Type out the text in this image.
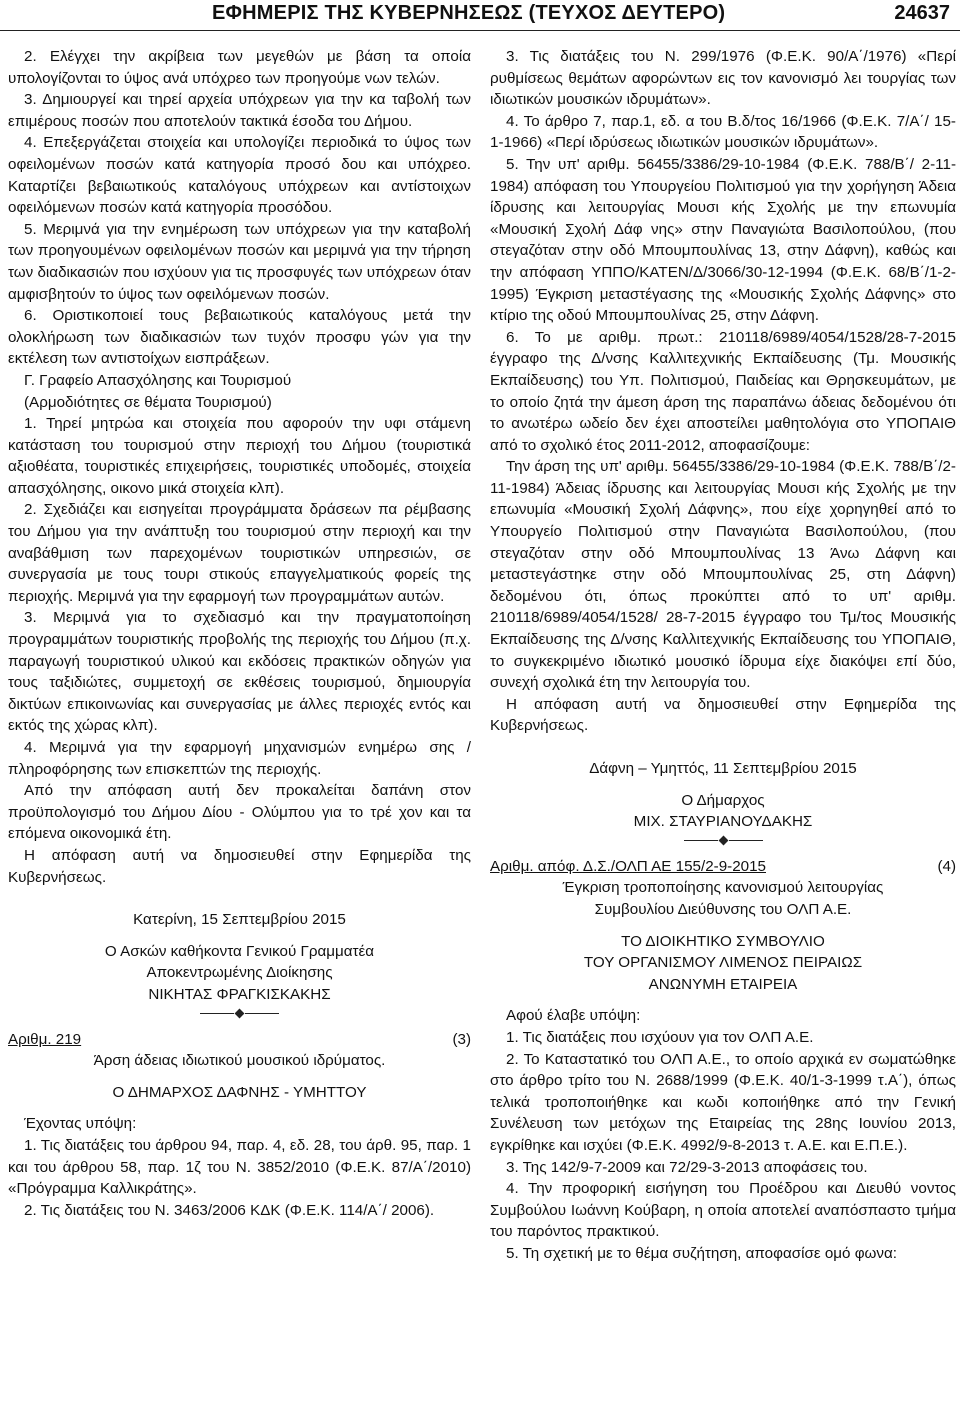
ΕΦΗΜΕΡΙΣ ΤΗΣ ΚΥΒΕΡΝΗΣΕΩΣ (ΤΕΥΧΟΣ ΔΕΥΤΕΡΟ)	24637

2. Ελέγχει την ακρίβεια των μεγεθών με βάση τα οποία υπολογίζονται το ύψος ανά υπόχρεο των προηγούμε νων τελών.

3. Δημιουργεί και τηρεί αρχεία υπόχρεων για την κα ταβολή των επιμέρους ποσών που αποτελούν τακτικά έσοδα του Δήμου.

4. Επεξεργάζεται στοιχεία και υπολογίζει περιοδικά το ύψος των οφειλομένων ποσών κατά κατηγορία προσό δου και υπόχρεο. Καταρτίζει βεβαιωτικούς καταλόγους υπόχρεων και αντίστοιχων οφειλόμενων ποσών κατά κατηγορία προσόδου.

5. Μεριμνά για την ενημέρωση των υπόχρεων για την καταβολή των προηγουμένων οφειλομένων ποσών και μεριμνά για την τήρηση των διαδικασιών που ισχύουν για τις προσφυγές των υπόχρεων όταν αμφισβητούν το ύψος των οφειλόμενων ποσών.

6. Οριστικοποιεί τους βεβαιωτικούς καταλόγους μετά την ολοκλήρωση των διαδικασιών των τυχόν προσφυ γών για την εκτέλεση των αντιστοίχων εισπράξεων.

Γ. Γραφείο Απασχόλησης και Τουρισμού

(Αρμοδιότητες σε θέματα Τουρισμού)

1. Τηρεί μητρώα και στοιχεία που αφορούν την υφι στάμενη κατάσταση του τουρισμού στην περιοχή του Δήμου (τουριστικά αξιοθέατα, τουριστικές επιχειρήσεις, τουριστικές υποδομές, στοιχεία απασχόλησης, οικονο μικά στοιχεία κλπ).

2. Σχεδιάζει και εισηγείται προγράμματα δράσεων πα ρέμβασης του Δήμου για την ανάπτυξη του τουρισμού στην περιοχή και την αναβάθμιση των παρεχομένων τουριστικών υπηρεσιών, σε συνεργασία με τους τουρι στικούς επαγγελματικούς φορείς της περιοχής. Μεριμνά για την εφαρμογή των προγραμμάτων αυτών.

3. Μεριμνά για το σχεδιασμό και την πραγματοποίηση προγραμμάτων τουριστικής προβολής της περιοχής του Δήμου (π.χ. παραγωγή τουριστικού υλικού και εκδόσεις πρακτικών οδηγών για τους ταξιδιώτες, συμμετοχή σε εκθέσεις τουρισμού, δημιουργία δικτύων επικοινωνίας και συνεργασίας με άλλες περιοχές εντός και εκτός της χώρας κλπ).

4. Μεριμνά για την εφαρμογή μηχανισμών ενημέρω σης / πληροφόρησης των επισκεπτών της περιοχής.

Από την απόφαση αυτή δεν προκαλείται δαπάνη στον προϋπολογισμό του Δήμου Δίου - Ολύμπου για το τρέ χον και τα επόμενα οικονομικά έτη.

Η απόφαση αυτή να δημοσιευθεί στην Εφημερίδα της Κυβερνήσεως.

Κατερίνη, 15 Σεπτεμβρίου 2015

Ο Ασκών καθήκοντα Γενικού Γραμματέα

Αποκεντρωμένης Διοίκησης

ΝΙΚΗΤΑΣ ΦΡΑΓΚΙΣΚΑΚΗΣ

Αριθμ. 219	(3)

Άρση άδειας ιδιωτικού μουσικού ιδρύματος.

Ο ΔΗΜΑΡΧΟΣ ΔΑΦΝΗΣ - ΥΜΗΤΤΟΥ

Έχοντας υπόψη:

1. Τις διατάξεις του άρθρου 94, παρ. 4, εδ. 28, του άρθ. 95, παρ. 1 και του άρθρου 58, παρ. 1ζ του Ν. 3852/2010 (Φ.Ε.Κ. 87/Α΄/2010) «Πρόγραμμα Καλλικράτης».

2. Τις διατάξεις του Ν. 3463/2006 ΚΔΚ (Φ.Ε.Κ. 114/Α΄/ 2006).

3. Τις διατάξεις του Ν. 299/1976 (Φ.Ε.Κ. 90/Α΄/1976) «Περί ρυθμίσεως θεμάτων αφορώντων εις τον κανονισμό λει τουργίας των ιδιωτικών μουσικών ιδρυμάτων».

4. Το άρθρο 7, παρ.1, εδ. α του Β.δ/τος 16/1966 (Φ.Ε.Κ. 7/Α΄/ 15-1-1966) «Περί ιδρύσεως ιδιωτικών μουσικών ιδρυμάτων».

5. Την υπ' αριθμ. 56455/3386/29-10-1984 (Φ.Ε.Κ. 788/Β΄/ 2-11-1984) απόφαση του Υπουργείου Πολιτισμού για την χορήγηση Άδεια ίδρυσης και λειτουργίας Μουσι κής Σχολής με την επωνυμία «Μουσική Σχολή Δάφ νης» στην Παναγιώτα Βασιλοπούλου, (που στεγαζόταν στην οδό Μπουμπουλίνας 13, στην Δάφνη), καθώς και την απόφαση ΥΠΠΟ/ΚΑΤΕΝ/Δ/3066/30-12-1994 (Φ.Ε.Κ. 68/Β΄/1-2-1995) Έγκριση μεταστέγασης της «Μουσικής Σχολής Δάφνης» στο κτίριο της οδού Μπουμπουλίνας 25, στην Δάφνη.

6. Το με αριθμ. πρωτ.: 210118/6989/4054/1528/28-7-2015 έγγραφο της Δ/νσης Καλλιτεχνικής Εκπαίδευσης (Τμ. Μουσικής Εκπαίδευσης) του Υπ. Πολιτισμού, Παιδείας και Θρησκευμάτων, με το οποίο ζητά την άμεση άρση της παραπάνω άδειας δεδομένου ότι το ανωτέρω ωδείο δεν έχει αποστείλει μαθητολόγια στο ΥΠΟΠΑΙΘ από το σχολικό έτος 2011-2012, αποφασίζουμε:

Την άρση της υπ' αριθμ. 56455/3386/29-10-1984 (Φ.Ε.Κ. 788/Β΄/2-11-1984) Άδειας ίδρυσης και λειτουργίας Μουσι κής Σχολής με την επωνυμία «Μουσική Σχολή Δάφνης», που είχε χορηγηθεί από το Υπουργείο Πολιτισμού στην Παναγιώτα Βασιλοπούλου, (που στεγαζόταν στην οδό Μπουμπουλίνας 13 Άνω Δάφνη και μεταστεγάστηκε στην οδό Μπουμπουλίνας 25, στη Δάφνη) δεδομένου ότι, όπως προκύπτει από το υπ' αριθμ. 210118/6989/4054/1528/ 28-7-2015 έγγραφο του Τμ/τος Μουσικής Εκπαίδευσης της Δ/νσης Καλλιτεχνικής Εκπαίδευσης του ΥΠΟΠΑΙΘ, το συγκεκριμένο ιδιωτικό μουσικό ίδρυμα είχε διακόψει επί δύο, συνεχή σχολικά έτη την λειτουργία του.

Η απόφαση αυτή να δημοσιευθεί στην Εφημερίδα της Κυβερνήσεως.

Δάφνη – Υμηττός, 11 Σεπτεμβρίου 2015

Ο Δήμαρχος

ΜΙΧ. ΣΤΑΥΡΙΑΝΟΥΔΑΚΗΣ

Αριθμ. απόφ. Δ.Σ./ΟΛΠ ΑΕ 155/2-9-2015	(4)

Έγκριση τροποποίησης κανονισμού λειτουργίας

Συμβουλίου Διεύθυνσης του ΟΛΠ Α.Ε.

ΤΟ ΔΙΟΙΚΗΤΙΚΟ ΣΥΜΒΟΥΛΙΟ

ΤΟΥ ΟΡΓΑΝΙΣΜΟΥ ΛΙΜΕΝΟΣ ΠΕΙΡΑΙΩΣ

ΑΝΩΝΥΜΗ ΕΤΑΙΡΕΙΑ

Αφού έλαβε υπόψη:

1. Τις διατάξεις που ισχύουν για τον ΟΛΠ Α.Ε.

2. Το Καταστατικό του ΟΛΠ Α.Ε., το οποίο αρχικά εν σωματώθηκε στο άρθρο τρίτο του Ν. 2688/1999 (Φ.Ε.Κ. 40/1-3-1999 τ.Α΄), όπως τελικά τροποποιήθηκε και κωδι κοποιήθηκε από την Γενική Συνέλευση των μετόχων της Εταιρείας της 28ης Ιουνίου 2013, εγκρίθηκε και ισχύει (Φ.Ε.Κ. 4992/9-8-2013 τ. Α.Ε. και Ε.Π.Ε.).

3. Της 142/9-7-2009 και 72/29-3-2013 αποφάσεις του.

4. Την προφορική εισήγηση του Προέδρου και Διευθύ νοντος Συμβούλου Ιωάννη Κούβαρη, η οποία αποτελεί αναπόσπαστο τμήμα του παρόντος πρακτικού.

5. Τη σχετική με το θέμα συζήτηση, αποφασίσε ομό φωνα:
